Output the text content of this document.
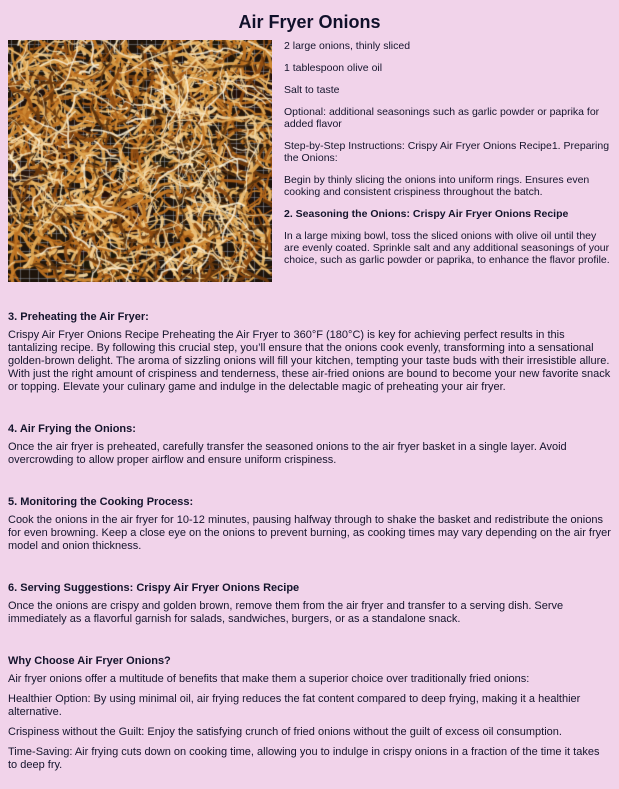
Air Fryer Onions

2 large onions, thinly sliced

1 tablespoon olive oil

Salt to taste

Optional: additional seasonings such as garlic powder or paprika for added flavor

Step-by-Step Instructions: Crispy Air Fryer Onions Recipe1. Preparing the Onions:

Begin by thinly slicing the onions into uniform rings. Ensures even cooking and consistent crispiness throughout the batch.

2. Seasoning the Onions: Crispy Air Fryer Onions Recipe

In a large mixing bowl, toss the sliced onions with olive oil until they are evenly coated. Sprinkle salt and any additional seasonings of your choice, such as garlic powder or paprika, to enhance the flavor profile.

3. Preheating the Air Fryer:

Crispy Air Fryer Onions Recipe Preheating the Air Fryer to 360°F (180°C) is key for achieving perfect results in this tantalizing recipe. By following this crucial step, you’ll ensure that the onions cook evenly, transforming into a sensational golden-brown delight. The aroma of sizzling onions will fill your kitchen, tempting your taste buds with their irresistible allure. With just the right amount of crispiness and tenderness, these air-fried onions are bound to become your new favorite snack or topping. Elevate your culinary game and indulge in the delectable magic of preheating your air fryer.

4. Air Frying the Onions:

Once the air fryer is preheated, carefully transfer the seasoned onions to the air fryer basket in a single layer. Avoid overcrowding to allow proper airflow and ensure uniform crispiness.

5. Monitoring the Cooking Process:

Cook the onions in the air fryer for 10-12 minutes, pausing halfway through to shake the basket and redistribute the onions for even browning. Keep a close eye on the onions to prevent burning, as cooking times may vary depending on the air fryer model and onion thickness.

6. Serving Suggestions: Crispy Air Fryer Onions Recipe

Once the onions are crispy and golden brown, remove them from the air fryer and transfer to a serving dish. Serve immediately as a flavorful garnish for salads, sandwiches, burgers, or as a standalone snack.

Why Choose Air Fryer Onions?

Air fryer onions offer a multitude of benefits that make them a superior choice over traditionally fried onions:

Healthier Option: By using minimal oil, air frying reduces the fat content compared to deep frying, making it a healthier alternative.

Crispiness without the Guilt: Enjoy the satisfying crunch of fried onions without the guilt of excess oil consumption.

Time-Saving: Air frying cuts down on cooking time, allowing you to indulge in crispy onions in a fraction of the time it takes to deep fry.
